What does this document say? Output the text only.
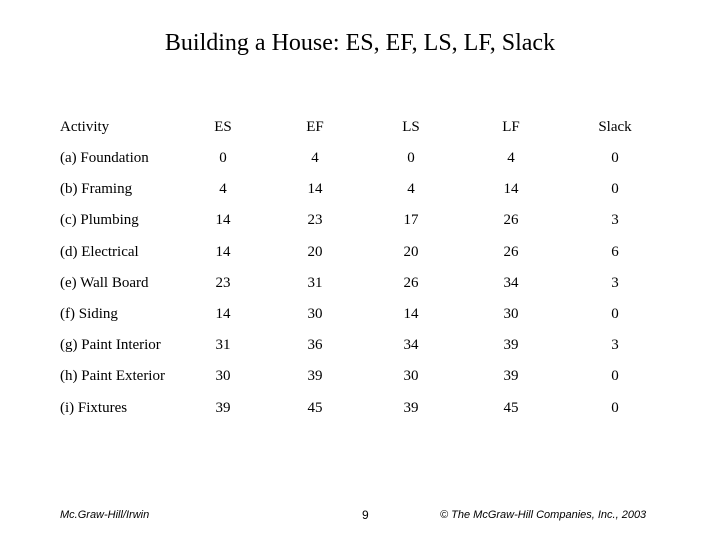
Building a House: ES, EF, LS, LF, Slack
Activity	ES	EF	LS	LF	Slack
(a) Foundation	0	4	0	4	0
(b) Framing	4	14	4	14	0
(c) Plumbing	14	23	17	26	3
(d) Electrical	14	20	20	26	6
(e) Wall Board	23	31	26	34	3
(f) Siding	14	30	14	30	0
(g) Paint Interior	31	36	34	39	3
(h) Paint Exterior	30	39	30	39	0
(i) Fixtures	39	45	39	45	0
Mc.Graw-Hill/Irwin	9	© The McGraw-Hill Companies, Inc., 2003
